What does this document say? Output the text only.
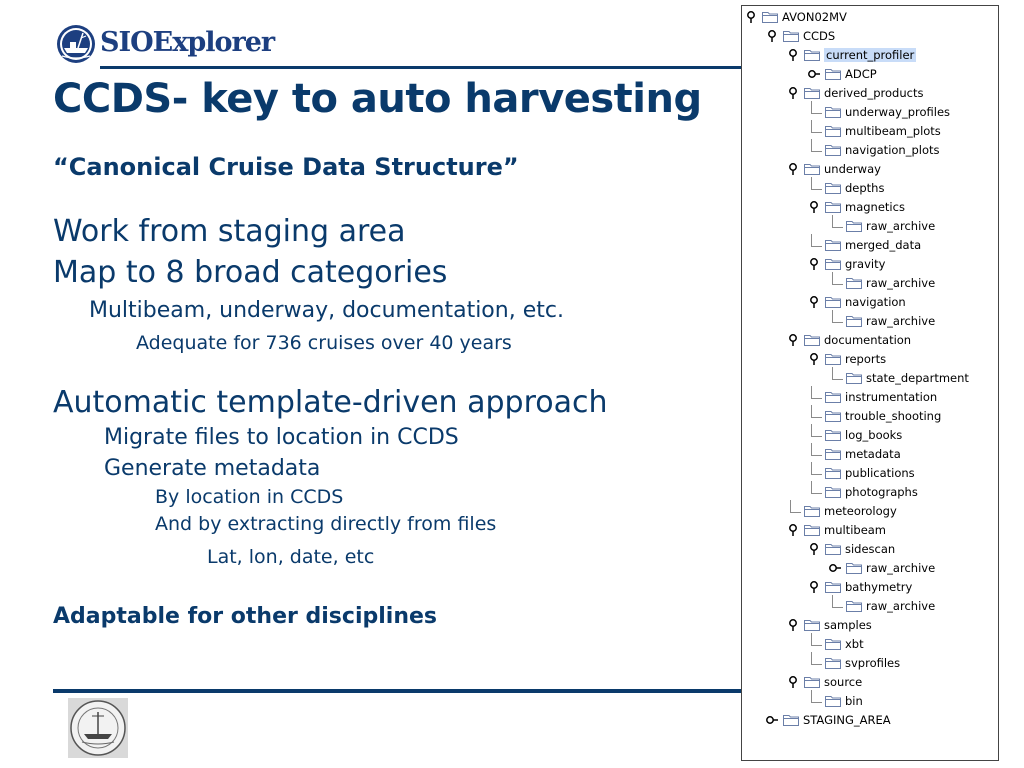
SIOExplorer
CCDS- key to auto harvesting
“Canonical Cruise Data Structure”
Work from staging area
Map to 8 broad categories
Multibeam, underway, documentation, etc.
Adequate for 736 cruises over 40 years
Automatic template-driven approach
Migrate files to location in CCDS
Generate metadata
By location in CCDS
And by extracting directly from files
Lat, lon, date, etc
Adaptable for other disciplines
AVON02MV
CCDS
current_profiler
ADCP
derived_products
underway_profiles
multibeam_plots
navigation_plots
underway
depths
magnetics
raw_archive
merged_data
gravity
raw_archive
navigation
raw_archive
documentation
reports
state_department
instrumentation
trouble_shooting
log_books
metadata
publications
photographs
meteorology
multibeam
sidescan
raw_archive
bathymetry
raw_archive
samples
xbt
svprofiles
source
bin
STAGING_AREA
